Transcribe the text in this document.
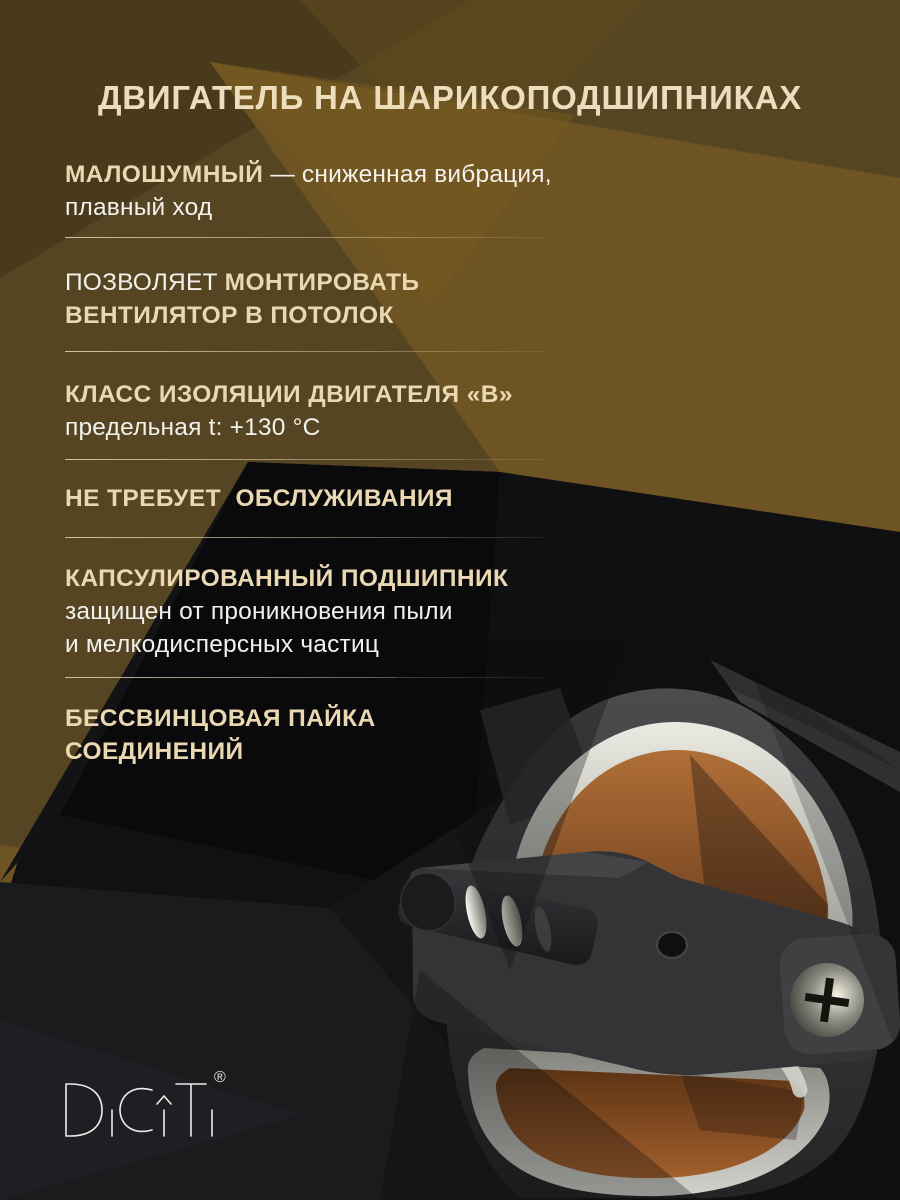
ДВИГАТЕЛЬ НА ШАРИКОПОДШИПНИКАХ
МАЛОШУМНЫЙ — сниженная вибрация,
плавный ход
ПОЗВОЛЯЕТ МОНТИРОВАТЬ
ВЕНТИЛЯТОР В ПОТОЛОК
КЛАСС ИЗОЛЯЦИИ ДВИГАТЕЛЯ «В»
предельная t: +130 °C
НЕ ТРЕБУЕТ  ОБСЛУЖИВАНИЯ
КАПСУЛИРОВАННЫЙ ПОДШИПНИК
защищен от проникновения пыли
и мелкодисперсных частиц
БЕССВИНЦОВАЯ ПАЙКА
СОЕДИНЕНИЙ
®
